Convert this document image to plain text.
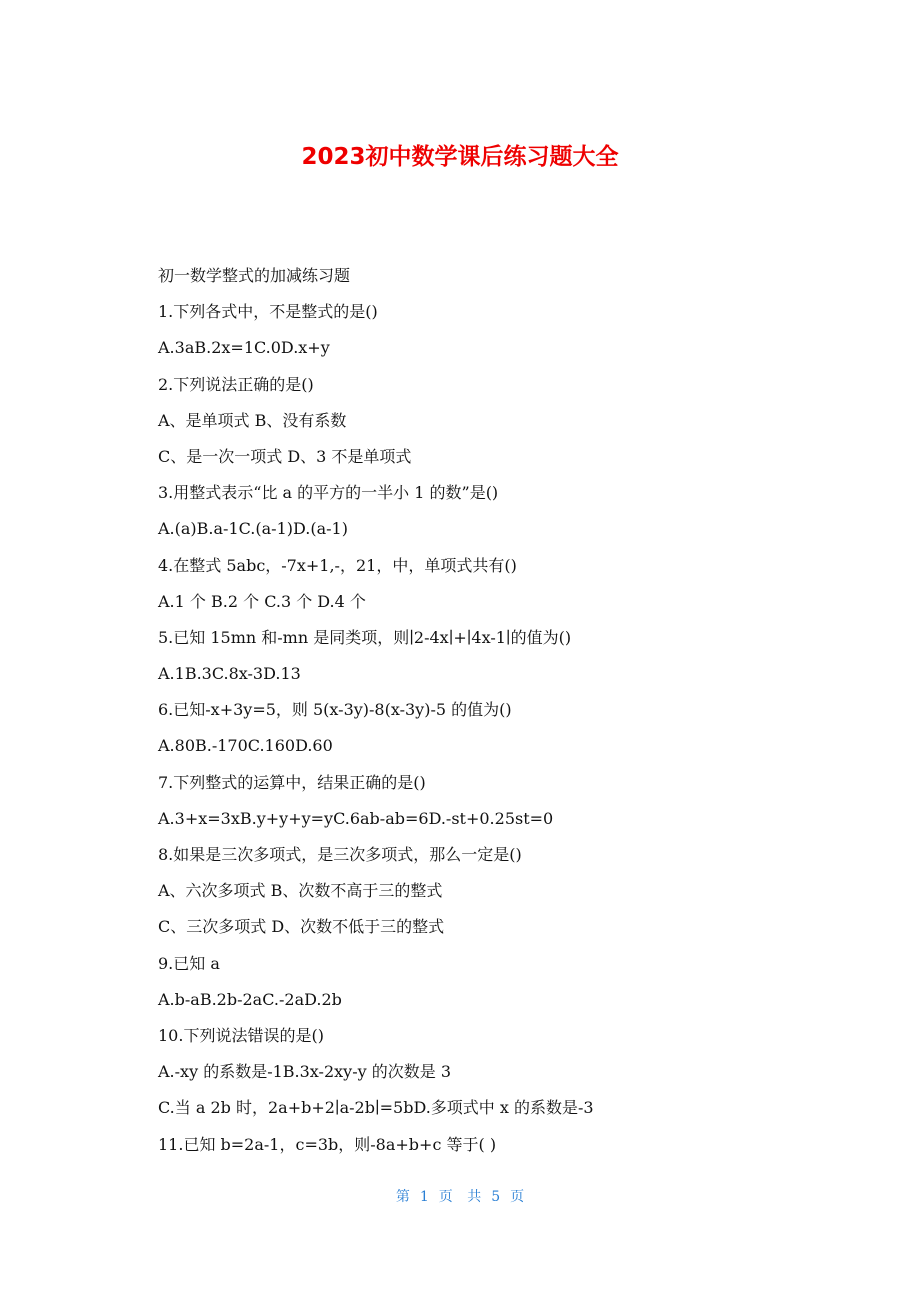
2023初中数学课后练习题大全
初一数学整式的加减练习题
1.下列各式中，不是整式的是()
A.3aB.2x=1C.0D.x+y
2.下列说法正确的是()
A、是单项式 B、没有系数
C、是一次一项式 D、3 不是单项式
3.用整式表示“比 a 的平方的一半小 1 的数”是()
A.(a)B.a-1C.(a-1)D.(a-1)
4.在整式 5abc，-7x+1,-，21，中，单项式共有()
A.1 个 B.2 个 C.3 个 D.4 个
5.已知 15mn 和-mn 是同类项，则∣2-4x∣+∣4x-1∣的值为()
A.1B.3C.8x-3D.13
6.已知-x+3y=5，则 5(x-3y)-8(x-3y)-5 的值为()
A.80B.-170C.160D.60
7.下列整式的运算中，结果正确的是()
A.3+x=3xB.y+y+y=yC.6ab-ab=6D.-st+0.25st=0
8.如果是三次多项式，是三次多项式，那么一定是()
A、六次多项式 B、次数不高于三的整式
C、三次多项式 D、次数不低于三的整式
9.已知 a
A.b-aB.2b-2aC.-2aD.2b
10.下列说法错误的是()
A.-xy 的系数是-1B.3x-2xy-y 的次数是 3
C.当 a 2b 时，2a+b+2∣a-2b∣=5bD.多项式中 x 的系数是-3
11.已知 b=2a-1，c=3b，则-8a+b+c 等于( )
第 1 页 共 5 页
